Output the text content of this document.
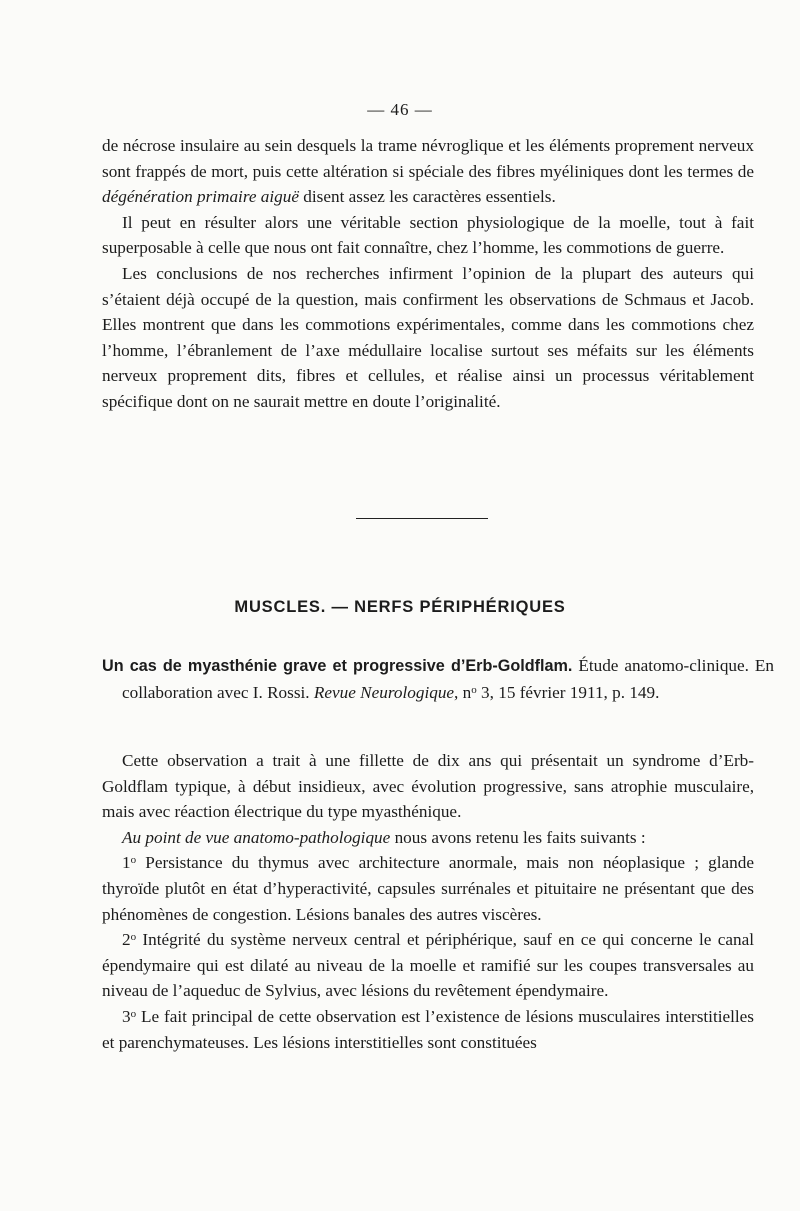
— 46 —

de nécrose insulaire au sein desquels la trame névroglique et les éléments proprement nerveux sont frappés de mort, puis cette altération si spéciale des fibres myéliniques dont les termes de dégénération primaire aiguë disent assez les caractères essentiels.

Il peut en résulter alors une véritable section physiologique de la moelle, tout à fait superposable à celle que nous ont fait connaître, chez l’homme, les commotions de guerre.

Les conclusions de nos recherches infirment l’opinion de la plupart des auteurs qui s’étaient déjà occupé de la question, mais confirment les observations de Schmaus et Jacob. Elles montrent que dans les commotions expérimentales, comme dans les commotions chez l’homme, l’ébranlement de l’axe médullaire localise surtout ses méfaits sur les éléments nerveux proprement dits, fibres et cellules, et réalise ainsi un processus véritablement spécifique dont on ne saurait mettre en doute l’originalité.

MUSCLES. — NERFS PÉRIPHÉRIQUES
Un cas de myasthénie grave et progressive d’Erb-Goldflam. Étude anatomo-clinique. En collaboration avec I. Rossi. Revue Neurologique, $n^o$ 3, 15 février 1911, p. 149.

Cette observation a trait à une fillette de dix ans qui présentait un syndrome d’Erb-Goldflam typique, à début insidieux, avec évolution progressive, sans atrophie musculaire, mais avec réaction électrique du type myasthénique.

Au point de vue anatomo-pathologique nous avons retenu les faits suivants :

1$^o$ Persistance du thymus avec architecture anormale, mais non néoplasique ; glande thyroïde plutôt en état d’hyperactivité, capsules surrénales et pituitaire ne présentant que des phénomènes de congestion. Lésions banales des autres viscères.

2$^o$ Intégrité du système nerveux central et périphérique, sauf en ce qui concerne le canal épendymaire qui est dilaté au niveau de la moelle et ramifié sur les coupes transversales au niveau de l’aqueduc de Sylvius, avec lésions du revêtement épendymaire.

3$^o$ Le fait principal de cette observation est l’existence de lésions musculaires interstitielles et parenchymateuses. Les lésions interstitielles sont constituées
